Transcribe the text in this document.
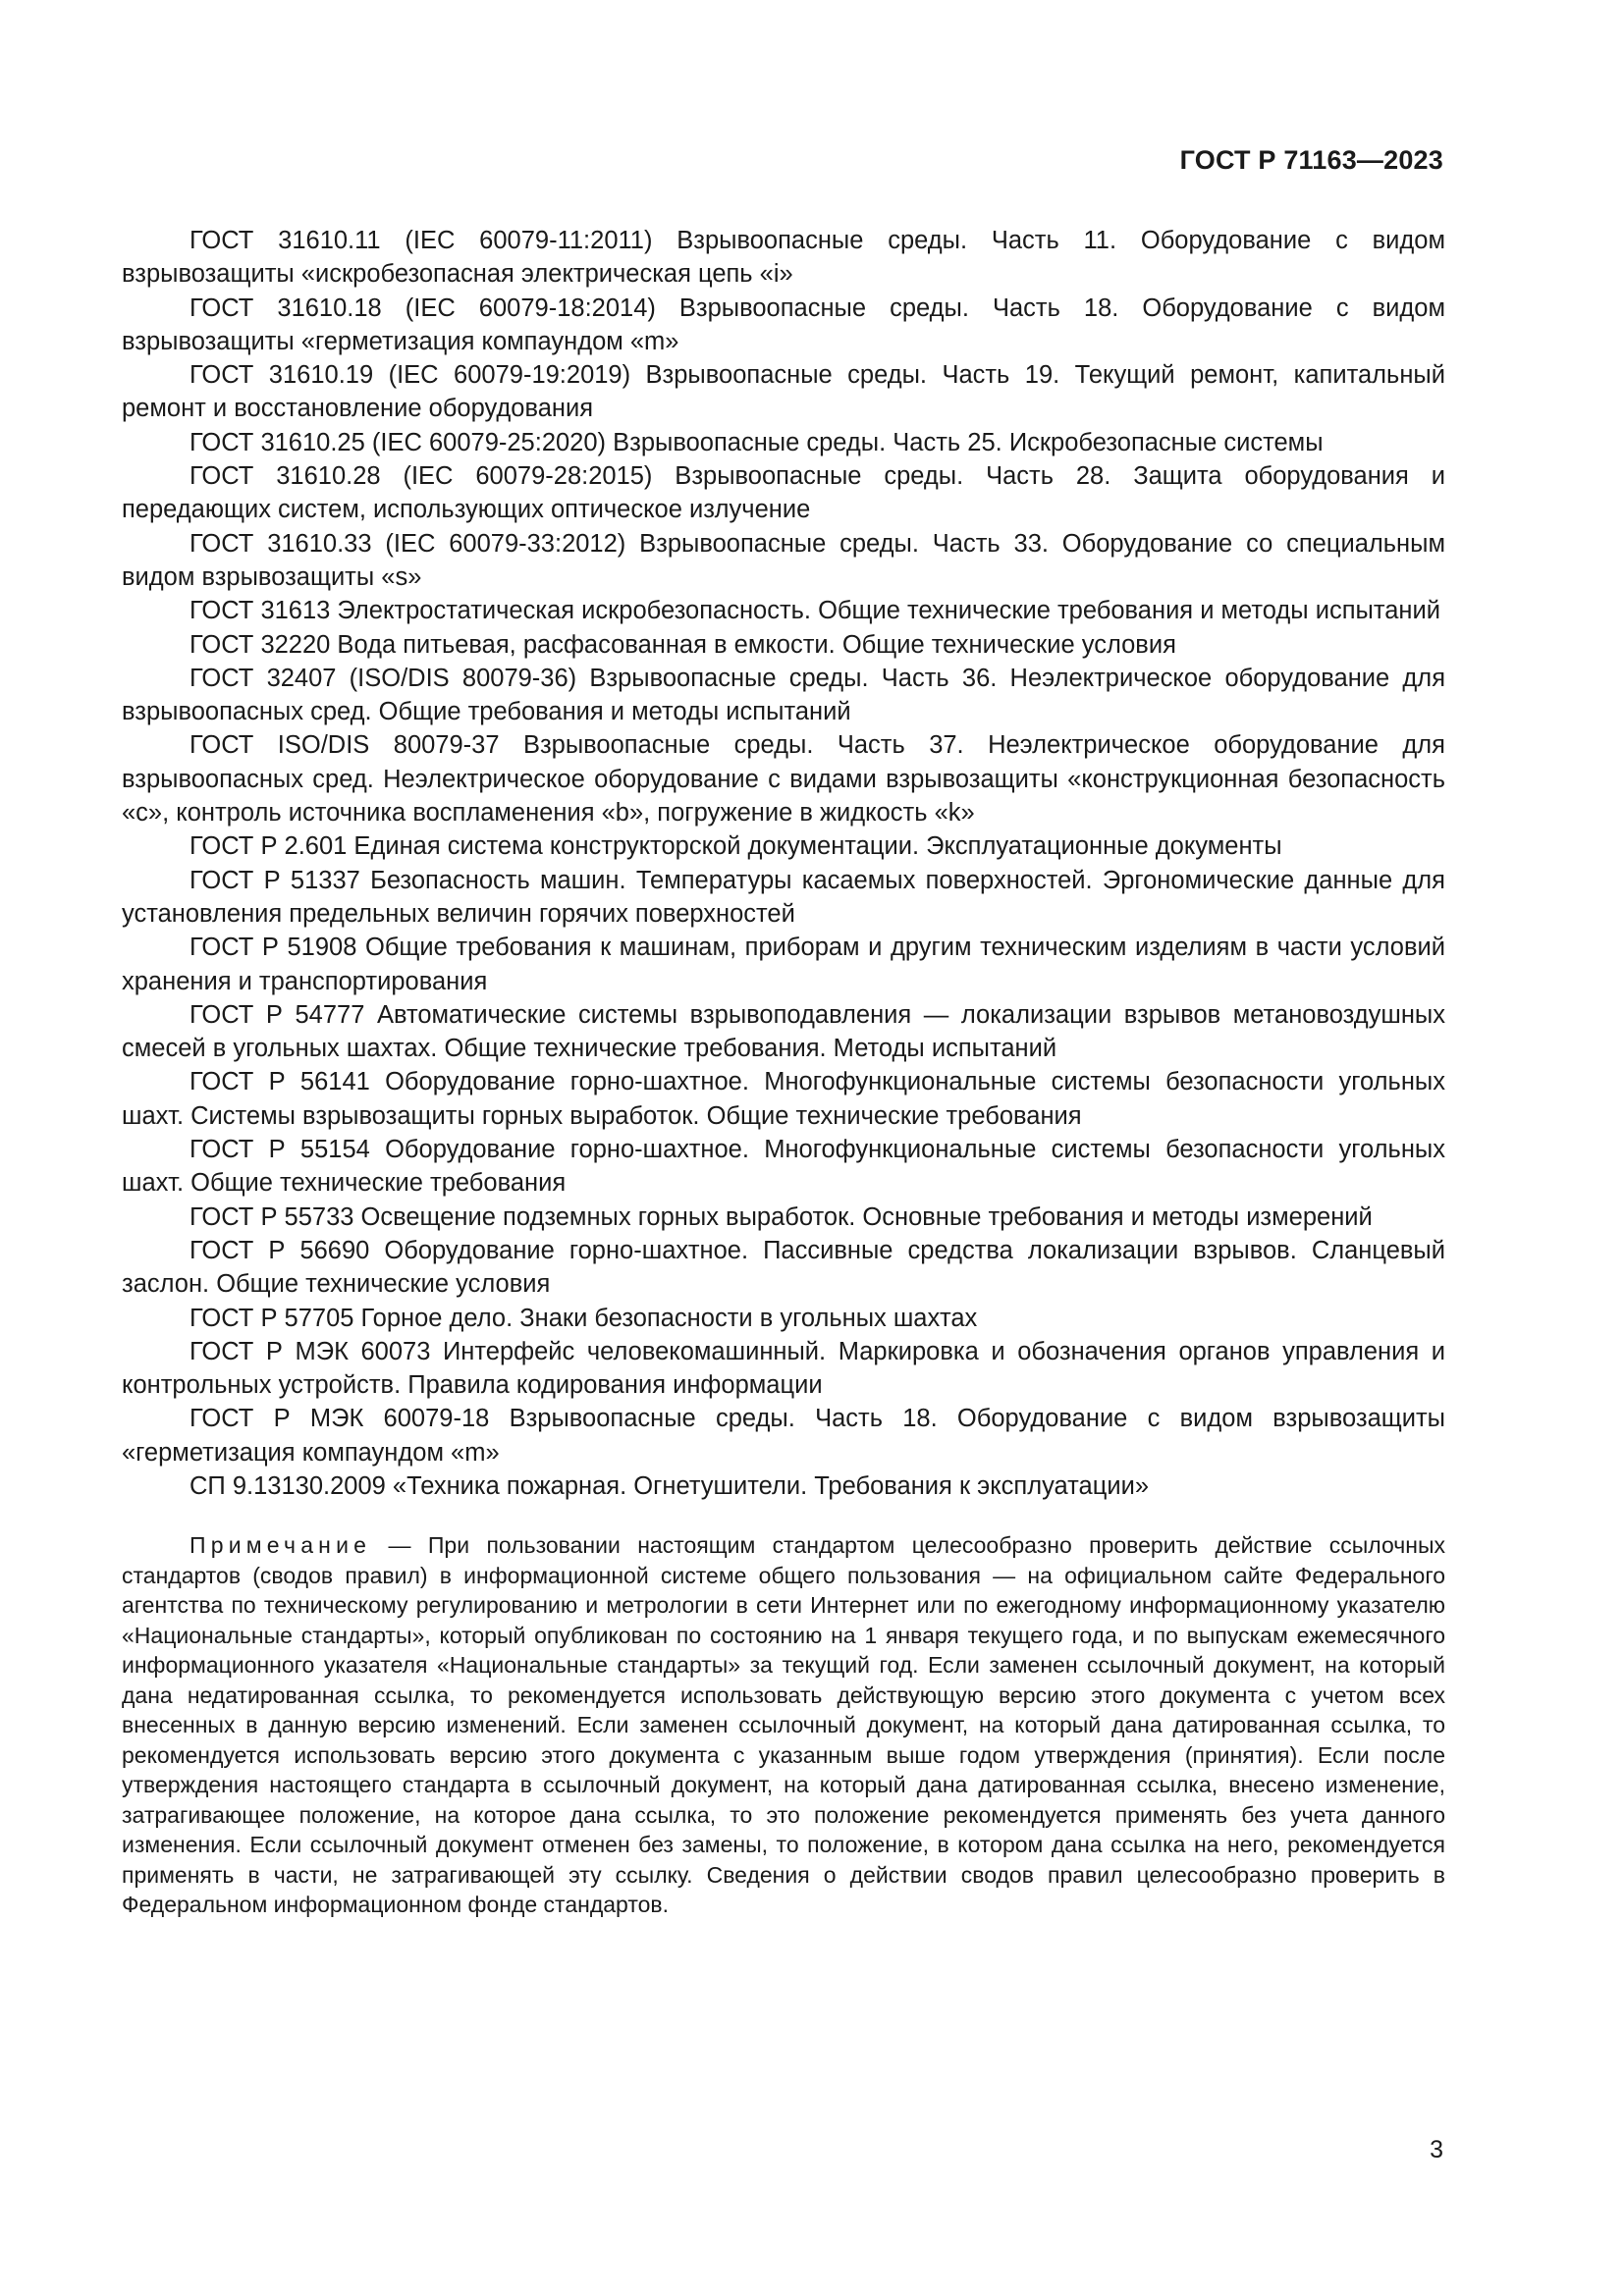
ГОСТ Р 71163—2023

ГОСТ 31610.11 (IEC 60079-11:2011) Взрывоопасные среды. Часть 11. Оборудование с видом взрывозащиты «искробезопасная электрическая цепь «i»

ГОСТ 31610.18 (IEC 60079-18:2014) Взрывоопасные среды. Часть 18. Оборудование с видом взрывозащиты «герметизация компаундом «m»

ГОСТ 31610.19 (IEC 60079-19:2019) Взрывоопасные среды. Часть 19. Текущий ремонт, капитальный ремонт и восстановление оборудования

ГОСТ 31610.25 (IEC 60079-25:2020) Взрывоопасные среды. Часть 25. Искробезопасные системы

ГОСТ 31610.28 (IEC 60079-28:2015) Взрывоопасные среды. Часть 28. Защита оборудования и передающих систем, использующих оптическое излучение

ГОСТ 31610.33 (IEC 60079-33:2012) Взрывоопасные среды. Часть 33. Оборудование со специальным видом взрывозащиты «s»

ГОСТ 31613 Электростатическая искробезопасность. Общие технические требования и методы испытаний

ГОСТ 32220 Вода питьевая, расфасованная в емкости. Общие технические условия

ГОСТ 32407 (ISO/DIS 80079-36) Взрывоопасные среды. Часть 36. Неэлектрическое оборудование для взрывоопасных сред. Общие требования и методы испытаний

ГОСТ ISO/DIS 80079-37 Взрывоопасные среды. Часть 37. Неэлектрическое оборудование для взрывоопасных сред. Неэлектрическое оборудование с видами взрывозащиты «конструкционная безопасность «с», контроль источника воспламенения «b», погружение в жидкость «k»

ГОСТ Р 2.601 Единая система конструкторской документации. Эксплуатационные документы

ГОСТ Р 51337 Безопасность машин. Температуры касаемых поверхностей. Эргономические данные для установления предельных величин горячих поверхностей

ГОСТ Р 51908 Общие требования к машинам, приборам и другим техническим изделиям в части условий хранения и транспортирования

ГОСТ Р 54777 Автоматические системы взрывоподавления — локализации взрывов метановоздушных смесей в угольных шахтах. Общие технические требования. Методы испытаний

ГОСТ Р 56141 Оборудование горно-шахтное. Многофункциональные системы безопасности угольных шахт. Системы взрывозащиты горных выработок. Общие технические требования

ГОСТ Р 55154 Оборудование горно-шахтное. Многофункциональные системы безопасности угольных шахт. Общие технические требования

ГОСТ Р 55733 Освещение подземных горных выработок. Основные требования и методы измерений

ГОСТ Р 56690 Оборудование горно-шахтное. Пассивные средства локализации взрывов. Сланцевый заслон. Общие технические условия

ГОСТ Р 57705 Горное дело. Знаки безопасности в угольных шахтах

ГОСТ Р МЭК 60073 Интерфейс человекомашинный. Маркировка и обозначения органов управления и контрольных устройств. Правила кодирования информации

ГОСТ Р МЭК 60079-18 Взрывоопасные среды. Часть 18. Оборудование с видом взрывозащиты «герметизация компаундом «m»

СП 9.13130.2009 «Техника пожарная. Огнетушители. Требования к эксплуатации»

Примечание — При пользовании настоящим стандартом целесообразно проверить действие ссылочных стандартов (сводов правил) в информационной системе общего пользования — на официальном сайте Федерального агентства по техническому регулированию и метрологии в сети Интернет или по ежегодному информационному указателю «Национальные стандарты», который опубликован по состоянию на 1 января текущего года, и по выпускам ежемесячного информационного указателя «Национальные стандарты» за текущий год. Если заменен ссылочный документ, на который дана недатированная ссылка, то рекомендуется использовать действующую версию этого документа с учетом всех внесенных в данную версию изменений. Если заменен ссылочный документ, на который дана датированная ссылка, то рекомендуется использовать версию этого документа с указанным выше годом утверждения (принятия). Если после утверждения настоящего стандарта в ссылочный документ, на который дана датированная ссылка, внесено изменение, затрагивающее положение, на которое дана ссылка, то это положение рекомендуется применять без учета данного изменения. Если ссылочный документ отменен без замены, то положение, в котором дана ссылка на него, рекомендуется применять в части, не затрагивающей эту ссылку. Сведения о действии сводов правил целесообразно проверить в Федеральном информационном фонде стандартов.
3
